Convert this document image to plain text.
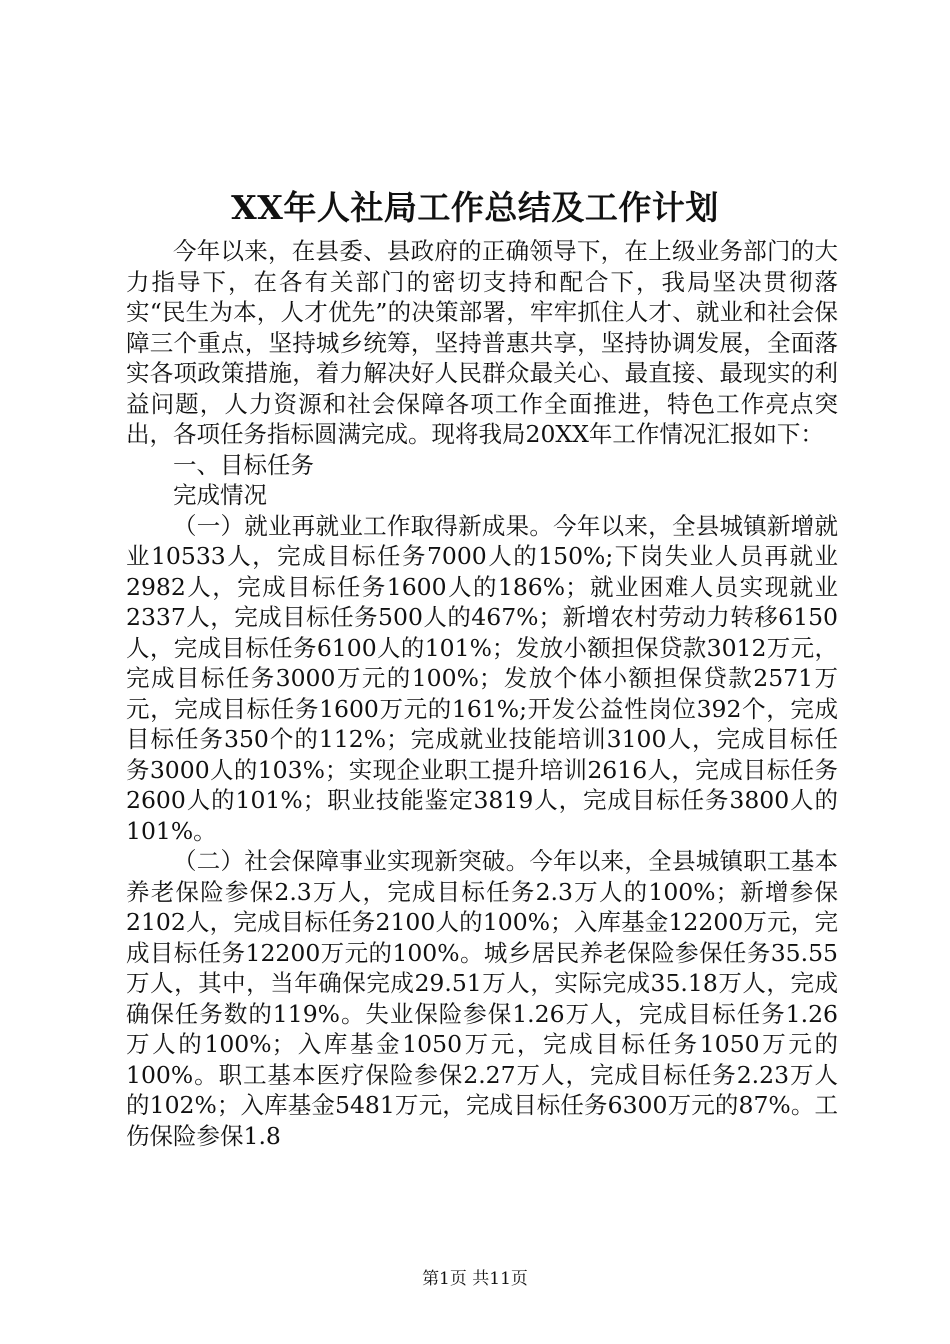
XX年人社局工作总结及工作计划

今年以来，在县委、县政府的正确领导下，在上级业务部门的大力指导下，在各有关部门的密切支持和配合下，我局坚决贯彻落实“民生为本，人才优先”的决策部署，牢牢抓住人才、就业和社会保障三个重点，坚持城乡统筹，坚持普惠共享，坚持协调发展，全面落实各项政策措施，着力解决好人民群众最关心、最直接、最现实的利益问题，人力资源和社会保障各项工作全面推进，特色工作亮点突出，各项任务指标圆满完成。现将我局20XX年工作情况汇报如下：

一、目标任务

完成情况

（一）就业再就业工作取得新成果。今年以来，全县城镇新增就业10533人，完成目标任务7000人的150%;下岗失业人员再就业2982人，完成目标任务1600人的186%；就业困难人员实现就业2337人，完成目标任务500人的467%；新增农村劳动力转移6150人，完成目标任务6100人的101%；发放小额担保贷款3012万元，完成目标任务3000万元的100%；发放个体小额担保贷款2571万元，完成目标任务1600万元的161%;开发公益性岗位392个，完成目标任务350个的112%；完成就业技能培训3100人，完成目标任务3000人的103%；实现企业职工提升培训2616人，完成目标任务2600人的101%；职业技能鉴定3819人，完成目标任务3800人的101%。

（二）社会保障事业实现新突破。今年以来，全县城镇职工基本养老保险参保2.3万人，完成目标任务2.3万人的100%；新增参保2102人，完成目标任务2100人的100%；入库基金12200万元，完成目标任务12200万元的100%。城乡居民养老保险参保任务35.55万人，其中，当年确保完成29.51万人，实际完成35.18万人，完成确保任务数的119%。失业保险参保1.26万人，完成目标任务1.26万人的100%；入库基金1050万元，完成目标任务1050万元的100%。职工基本医疗保险参保2.27万人，完成目标任务2.23万人的102%；入库基金5481万元，完成目标任务6300万元的87%。工伤保险参保1.8

第1页 共11页
